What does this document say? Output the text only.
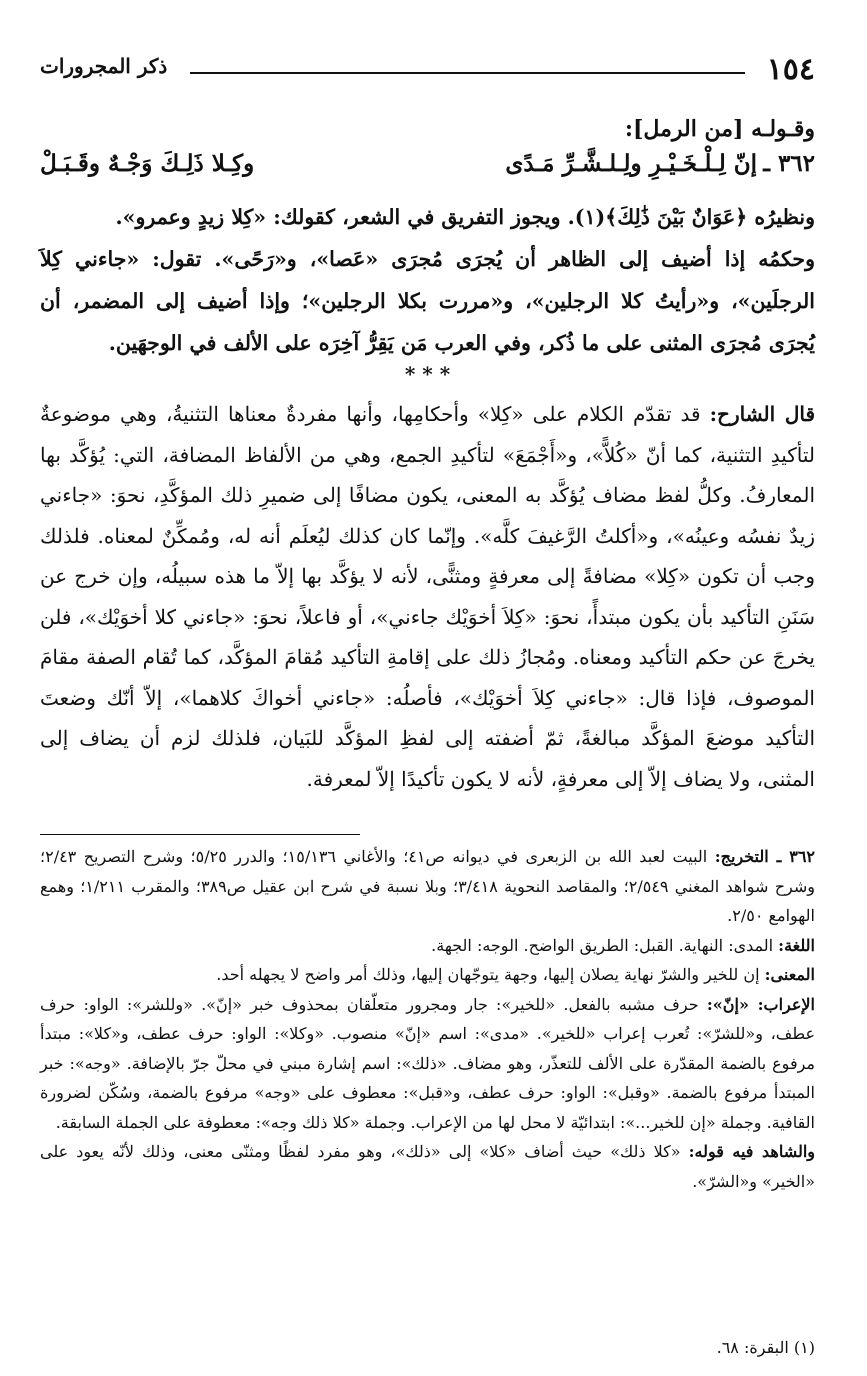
١٥٤
ذكر المجرورات
وقـولـه [من الرمل]:
٣٦٢ ـ
إنّ لِـلْـخَـيْـرِ ولِـلـشَّـرِّ مَـدًى
وكِـلا ذَلِـكَ وَجْـهٌ وقَـبَـلْ
ونظيرُه ﴿عَوَانٌ بَيْنَ ذَٰلِكَ﴾(١). ويجوز التفريق في الشعر، كقولك: «كِلا زيدٍ وعمرو».
وحكمُه إذا أضيف إلى الظاهر أن يُجرَى مُجرَى «عَصا»، و«رَحًى». تقول: «جاءني كِلاَ الرجلَين»، و«رأيتُ كلا الرجلين»، و«مررت بكلا الرجلين»؛ وإذا أضيف إلى المضمر، أن يُجرَى مُجرَى المثنى على ما ذُكر، وفي العرب مَن يَقِرُّ آخِرَه على الألف في الوجهَين.
* * *
قال الشارح: قد تقدّم الكلام على «كِلا» وأحكامِها، وأنها مفردةٌ معناها التثنيةُ، وهي موضوعةٌ لتأكيدِ التثنية، كما أنّ «كُلاًّ»، و«أَجْمَعَ» لتأكيدِ الجمع، وهي من الألفاظ المضافة، التي: يُؤكَّد بها المعارفُ. وكلُّ لفظ مضاف يُؤكَّد به المعنى، يكون مضافًا إلى ضميرِ ذلك المؤكَّدِ، نحوَ: «جاءني زيدٌ نفسُه وعينُه»، و«أكلتُ الرَّغيفَ كلَّه». وإنّما كان كذلك ليُعلَم أنه له، ومُمكِّنٌ لمعناه. فلذلك وجب أن تكون «كِلا» مضافةً إلى معرفةٍ ومثنًّى، لأنه لا يؤكَّد بها إلاّ ما هذه سبيلُه، وإن خرج عن سَنَنِ التأكيد بأن يكون مبتدأً، نحوَ: «كِلاَ أخوَيْك جاءني»، أو فاعلاً، نحوَ: «جاءني كلا أخوَيْك»، فلن يخرجَ عن حكم التأكيد ومعناه. ومُجازُ ذلك على إقامةِ التأكيد مُقامَ المؤكَّد، كما تُقام الصفة مقامَ الموصوف، فإذا قال: «جاءني كِلاَ أخوَيْك»، فأصلُه: «جاءني أخواكَ كلاهما»، إلاّ أنّك وضعتَ التأكيد موضعَ المؤكَّد مبالغةً، ثمّ أضفته إلى لفظِ المؤكَّد للبَيان، فلذلك لزم أن يضاف إلى المثنى، ولا يضاف إلاّ إلى معرفةٍ، لأنه لا يكون تأكيدًا إلاّ لمعرفة.

٣٦٢ ـ التخريج: البيت لعبد الله بن الزبعرى في ديوانه ص٤١؛ والأغاني ١٥/١٣٦؛ والدرر ٥/٢٥؛ وشرح التصريح ٢/٤٣؛ وشرح شواهد المغني ٢/٥٤٩؛ والمقاصد النحوية ٣/٤١٨؛ وبلا نسبة في شرح ابن عقيل ص٣٨٩؛ والمقرب ١/٢١١؛ وهمع الهوامع ٢/٥٠.

اللغة: المدى: النهاية. القبل: الطريق الواضح. الوجه: الجهة.

المعنى: إن للخير والشرّ نهاية يصلان إليها، وجهة يتوجّهان إليها، وذلك أمر واضح لا يجهله أحد.

الإعراب: «إنّ»: حرف مشبه بالفعل. «للخير»: جار ومجرور متعلّقان بمحذوف خبر «إنّ». «وللشر»: الواو: حرف عطف، و«للشرّ»: تُعرب إعراب «للخير». «مدى»: اسم «إنّ» منصوب. «وكلا»: الواو: حرف عطف، و«كلا»: مبتدأ مرفوع بالضمة المقدّرة على الألف للتعذّر، وهو مضاف. «ذلك»: اسم إشارة مبني في محلّ جرّ بالإضافة. «وجه»: خبر المبتدأ مرفوع بالضمة. «وقبل»: الواو: حرف عطف، و«قبل»: معطوف على «وجه» مرفوع بالضمة، وسُكّن لضرورة القافية. وجملة «إن للخير...»: ابتدائيّة لا محل لها من الإعراب. وجملة «كلا ذلك وجه»: معطوفة على الجملة السابقة.

والشاهد فيه قوله: «كلا ذلك» حيث أضاف «كلا» إلى «ذلك»، وهو مفرد لفظًا ومثنّى معنى، وذلك لأنّه يعود على «الخير» و«الشرّ».

(١) البقرة: ٦٨.
